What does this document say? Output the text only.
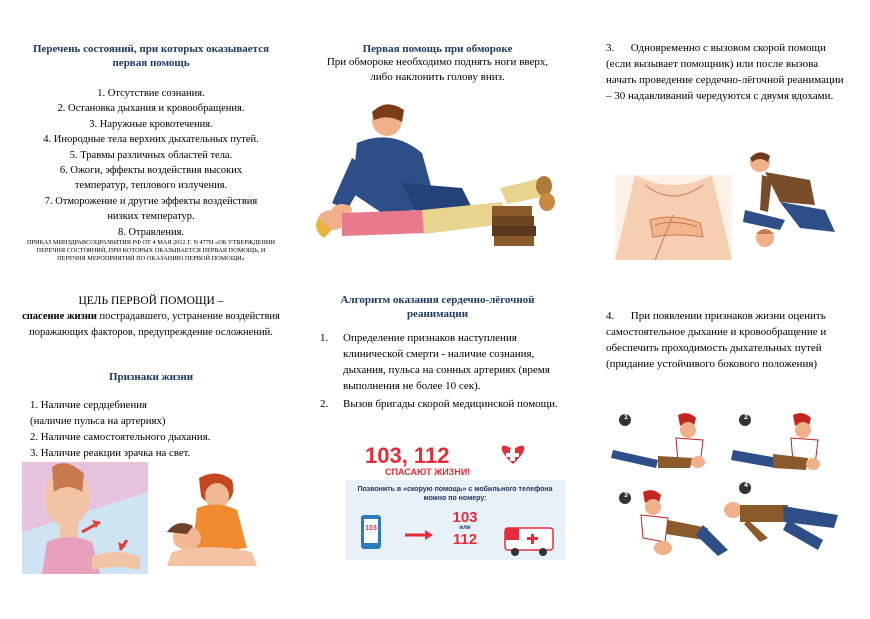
Перечень состояний, при которых оказывается первая помощь
1. Отсутствие сознания.
2. Остановка дыхания и кровообращения.
3. Наружные кровотечения.
4. Инородные тела верхних дыхательных путей.
5. Травмы различных областей тела.
6. Ожоги, эффекты воздействия высоких
температур, теплового излучения.
7. Отморожение и другие эффекты воздействия
низких температур.
8. Отравления.
ПРИКАЗ МИНЗДРАВСОЦРАЗВИТИЯ РФ ОТ 4 МАЯ 2012 Г. N 477Н «ОБ УТВЕРЖДЕНИИ ПЕРЕЧНЯ СОСТОЯНИЙ, ПРИ КОТОРЫХ ОКАЗЫВАЕТСЯ ПЕРВАЯ ПОМОЩЬ, И ПЕРЕЧНЯ МЕРОПРИЯТИЙ ПО ОКАЗАНИЮ ПЕРВОЙ ПОМОЩИ»
ЦЕЛЬ ПЕРВОЙ ПОМОЩИ –
спасение жизни пострадавшего, устранение воздействия поражающих факторов, предупреждение осложнений.
Признаки жизни
1. Наличие сердцебиения
(наличие пульса на артериях)
2. Наличие самостоятельного дыхания.
3. Наличие реакции зрачка на свет.
Первая помощь при обмороке
При обмороке необходимо поднять ноги вверх, либо наклонить голову вниз.
Алгоритм оказания сердечно-лёгочной реанимации
1. Определение признаков наступления клинической смерти - наличие сознания, дыхания, пульса на сонных артериях (время выполнения не более 10 сек).
2. Вызов бригады скорой медицинской помощи.
103, 112
СПАСАЮТ ЖИЗНИ!
Позвонить в «скорую помощь» с мобильного телефона можно по номеру:
103
103
или
112
3. Одновременно с вызовом скорой помощи (если вызывает помощник) или после вызова начать проведение сердечно-лёгочной реанимации – 30 надавливаний чередуются с двумя вдохами.
4. При появлении признаков жизни оценить самостоятельное дыхание и кровообращение и обеспечить проходимость дыхательных путей (придание устойчивого бокового положения)
1	2
3
4
